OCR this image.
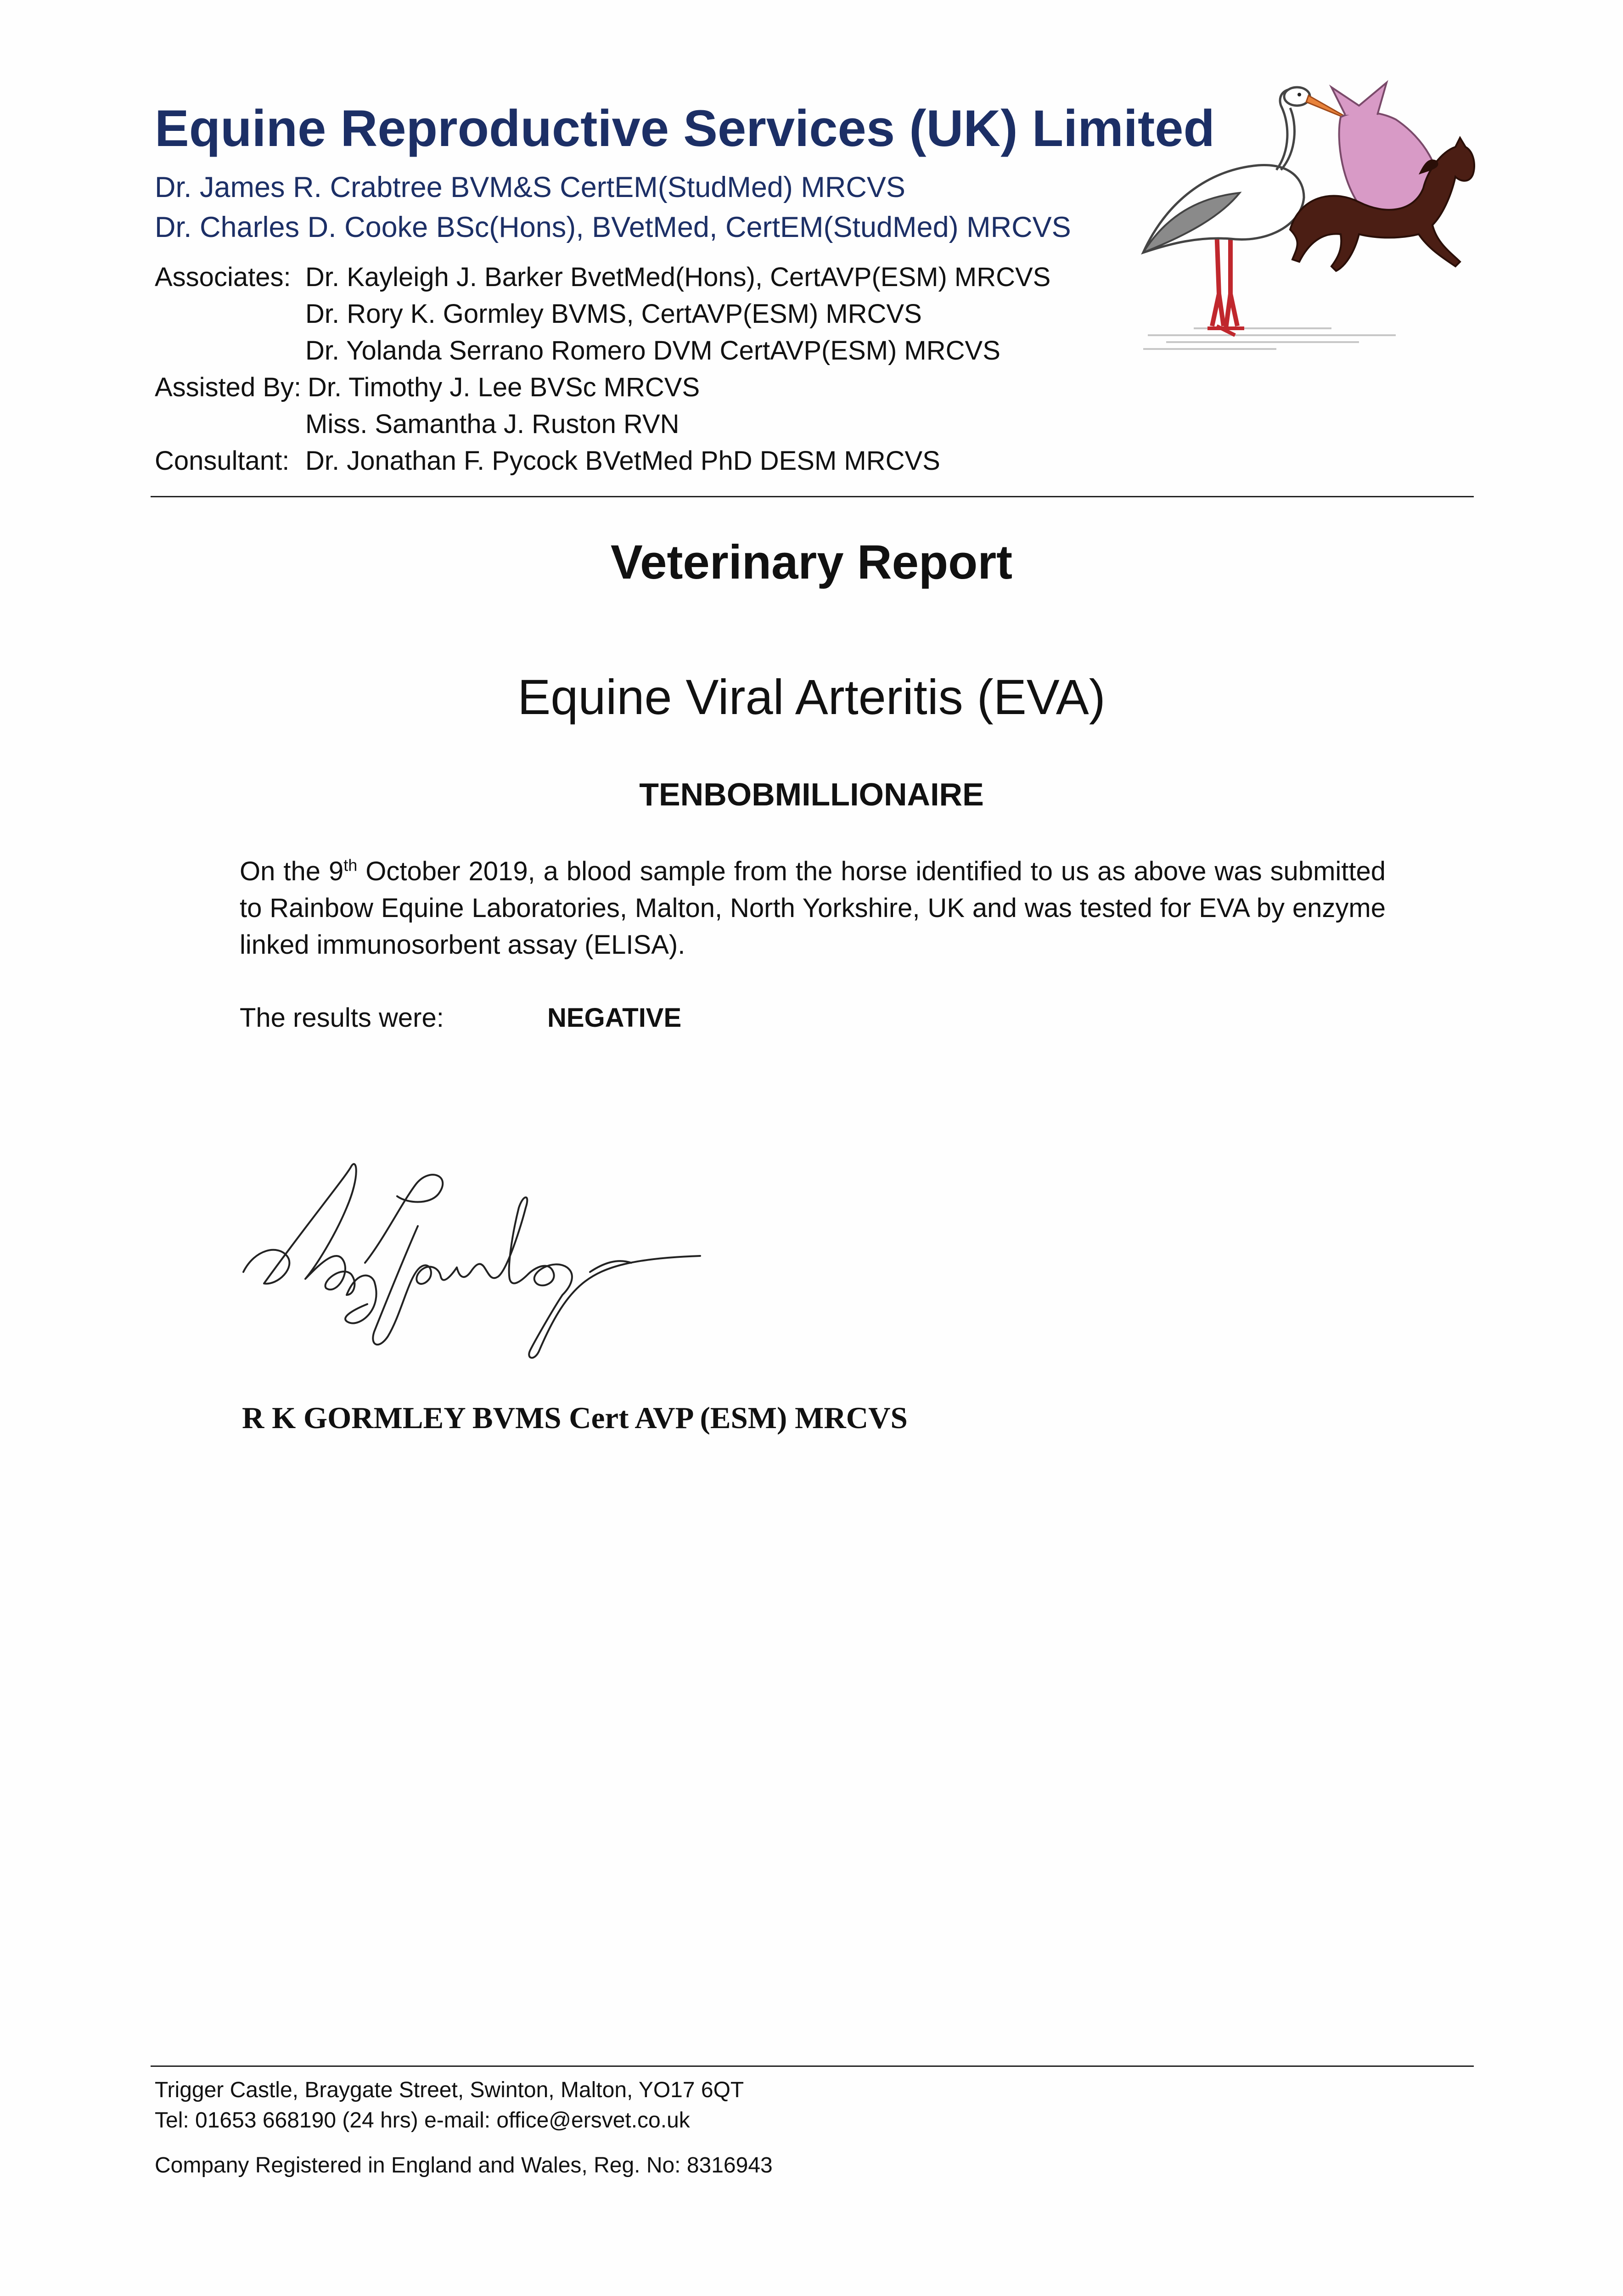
Equine Reproductive Services (UK) Limited
Dr. James R. Crabtree BVM&S CertEM(StudMed) MRCVS
Dr. Charles D. Cooke BSc(Hons), BVetMed, CertEM(StudMed) MRCVS
Associates: Dr. Kayleigh J. Barker BvetMed(Hons), CertAVP(ESM) MRCVS
Dr. Rory K. Gormley BVMS, CertAVP(ESM) MRCVS
Dr. Yolanda Serrano Romero DVM CertAVP(ESM) MRCVS
Assisted By: Dr. Timothy J. Lee BVSc MRCVS
Miss. Samantha J. Ruston RVN
Consultant: Dr. Jonathan F. Pycock BVetMed PhD DESM MRCVS
Veterinary Report
Equine Viral Arteritis (EVA)
TENBOBMILLIONAIRE
On the 9th October 2019, a blood sample from the horse identified to us as above was submitted to Rainbow Equine Laboratories, Malton, North Yorkshire, UK and was tested for EVA by enzyme linked immunosorbent assay (ELISA).
The results were:	NEGATIVE
R K GORMLEY BVMS Cert AVP (ESM) MRCVS
Trigger Castle, Braygate Street, Swinton, Malton, YO17 6QT
Tel: 01653 668190 (24 hrs) e-mail: office@ersvet.co.uk
Company Registered in England and Wales, Reg. No: 8316943
